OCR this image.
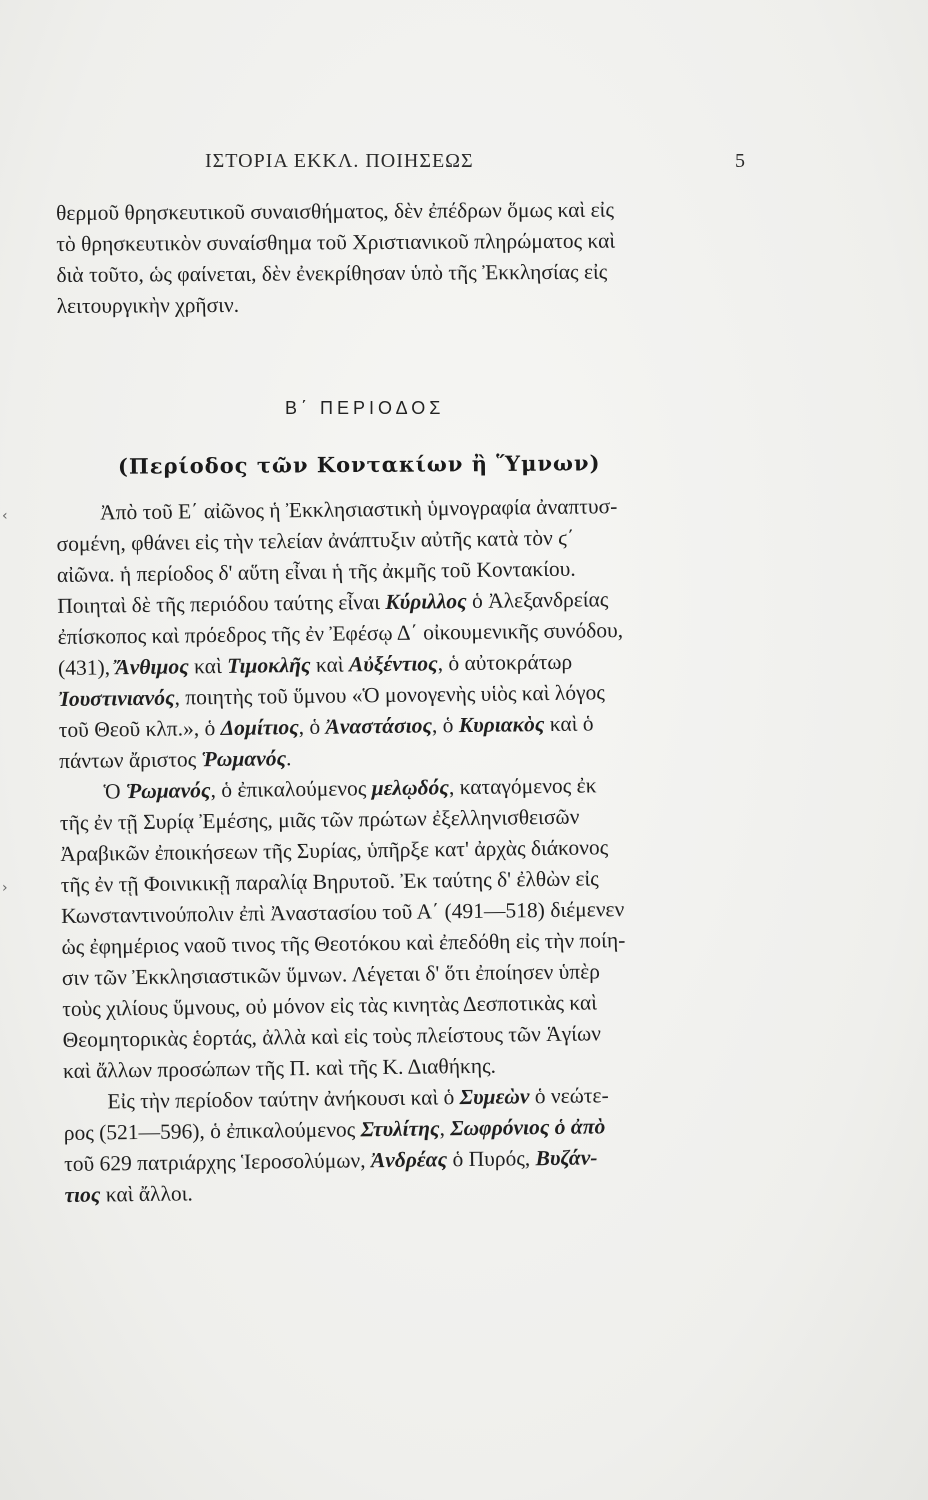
ΙΣΤΟΡΙΑ ΕΚΚΛ. ΠΟΙΗΣΕΩΣ	5
θερμοῦ θρησκευτικοῦ συναισθήματος, δὲν ἐπέδρων ὅμως καὶ εἰς
τὸ θρησκευτικὸν συναίσθημα τοῦ Χριστιανικοῦ πληρώματος καὶ
διὰ τοῦτο, ὡς φαίνεται, δὲν ἐνεκρίθησαν ὑπὸ τῆς Ἐκκλησίας εἰς
λειτουργικὴν χρῆσιν.
Β΄ ΠΕΡΙΟΔΟΣ
(Περίοδος τῶν Κοντακίων ἢ Ὕμνων)
Ἀπὸ τοῦ Ε΄ αἰῶνος ἡ Ἐκκλησιαστικὴ ὑμνογραφία ἀναπτυσ-
σομένη, φθάνει εἰς τὴν τελείαν ἀνάπτυξιν αὐτῆς κατὰ τὸν ϛ΄
αἰῶνα. ἡ περίοδος δ' αὕτη εἶναι ἡ τῆς ἀκμῆς τοῦ Κοντακίου.
Ποιηταὶ δὲ τῆς περιόδου ταύτης εἶναι Κύριλλος ὁ Ἀλεξανδρείας
ἐπίσκοπος καὶ πρόεδρος τῆς ἐν Ἐφέσῳ Δ΄ οἰκουμενικῆς συνόδου,
(431), Ἄνθιμος καὶ Τιμοκλῆς καὶ Αὐξέντιος, ὁ αὐτοκράτωρ
Ἰουστινιανός, ποιητὴς τοῦ ὕμνου «Ὁ μονογενὴς υἱὸς καὶ λόγος
τοῦ Θεοῦ κλπ.», ὁ Δομίτιος, ὁ Ἀναστάσιος, ὁ Κυριακὸς καὶ ὁ
πάντων ἄριστος Ῥωμανός.
Ὁ Ῥωμανός, ὁ ἐπικαλούμενος μελῳδός, καταγόμενος ἐκ
τῆς ἐν τῇ Συρίᾳ Ἐμέσης, μιᾶς τῶν πρώτων ἐξελληνισθεισῶν
Ἀραβικῶν ἐποικήσεων τῆς Συρίας, ὑπῆρξε κατ' ἀρχὰς διάκονος
τῆς ἐν τῇ Φοινικικῇ παραλίᾳ Βηρυτοῦ. Ἐκ ταύτης δ' ἐλθὼν εἰς
Κωνσταντινούπολιν ἐπὶ Ἀναστασίου τοῦ Α΄ (491—518) διέμενεν
ὡς ἐφημέριος ναοῦ τινος τῆς Θεοτόκου καὶ ἐπεδόθη εἰς τὴν ποίη-
σιν τῶν Ἐκκλησιαστικῶν ὕμνων. Λέγεται δ' ὅτι ἐποίησεν ὑπὲρ
τοὺς χιλίους ὕμνους, οὐ μόνον εἰς τὰς κινητὰς Δεσποτικὰς καὶ
Θεομητορικὰς ἑορτάς, ἀλλὰ καὶ εἰς τοὺς πλείστους τῶν Ἁγίων
καὶ ἄλλων προσώπων τῆς Π. καὶ τῆς Κ. Διαθήκης.
Εἰς τὴν περίοδον ταύτην ἀνήκουσι καὶ ὁ Συμεὼν ὁ νεώτε-
ρος (521—596), ὁ ἐπικαλούμενος Στυλίτης, Σωφρόνιος ὁ ἀπὸ
τοῦ 629 πατριάρχης Ἱεροσολύμων, Ἀνδρέας ὁ Πυρός, Βυζάν-
τιος καὶ ἄλλοι.
‹
›
